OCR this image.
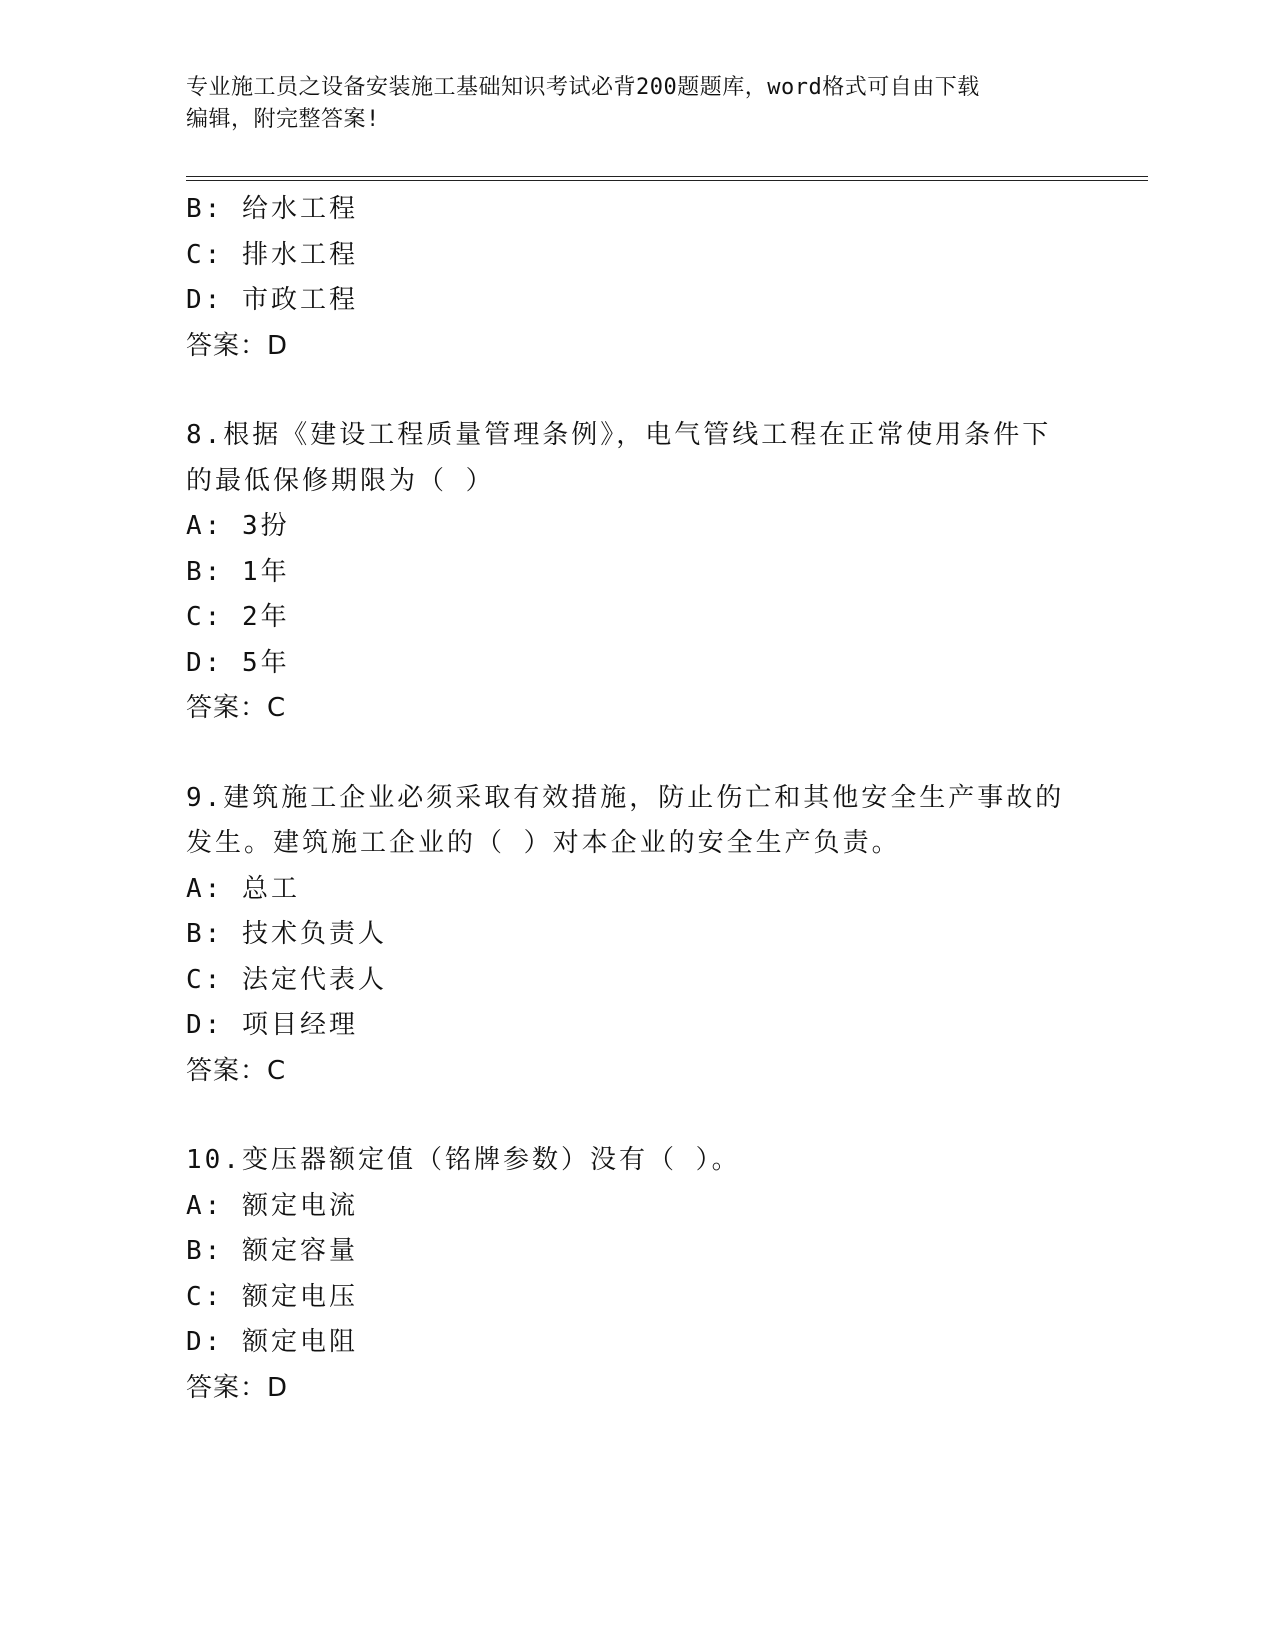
专业施工员之设备安装施工基础知识考试必背200题题库，word格式可自由下载
编辑，附完整答案!
B: 给水工程
C: 排水工程
D: 市政工程
答案：D
8.根据《建设工程质量管理条例》，电气管线工程在正常使用条件下
的最低保修期限为（ ）
A: 3扮
B: 1年
C: 2年
D: 5年
答案：C
9.建筑施工企业必须采取有效措施，防止伤亡和其他安全生产事故的
发生。建筑施工企业的（ ）对本企业的安全生产负责。
A: 总工
B: 技术负责人
C: 法定代表人
D: 项目经理
答案：C
10.变压器额定值（铭牌参数）没有（ ）。
A: 额定电流
B: 额定容量
C: 额定电压
D: 额定电阻
答案：D
